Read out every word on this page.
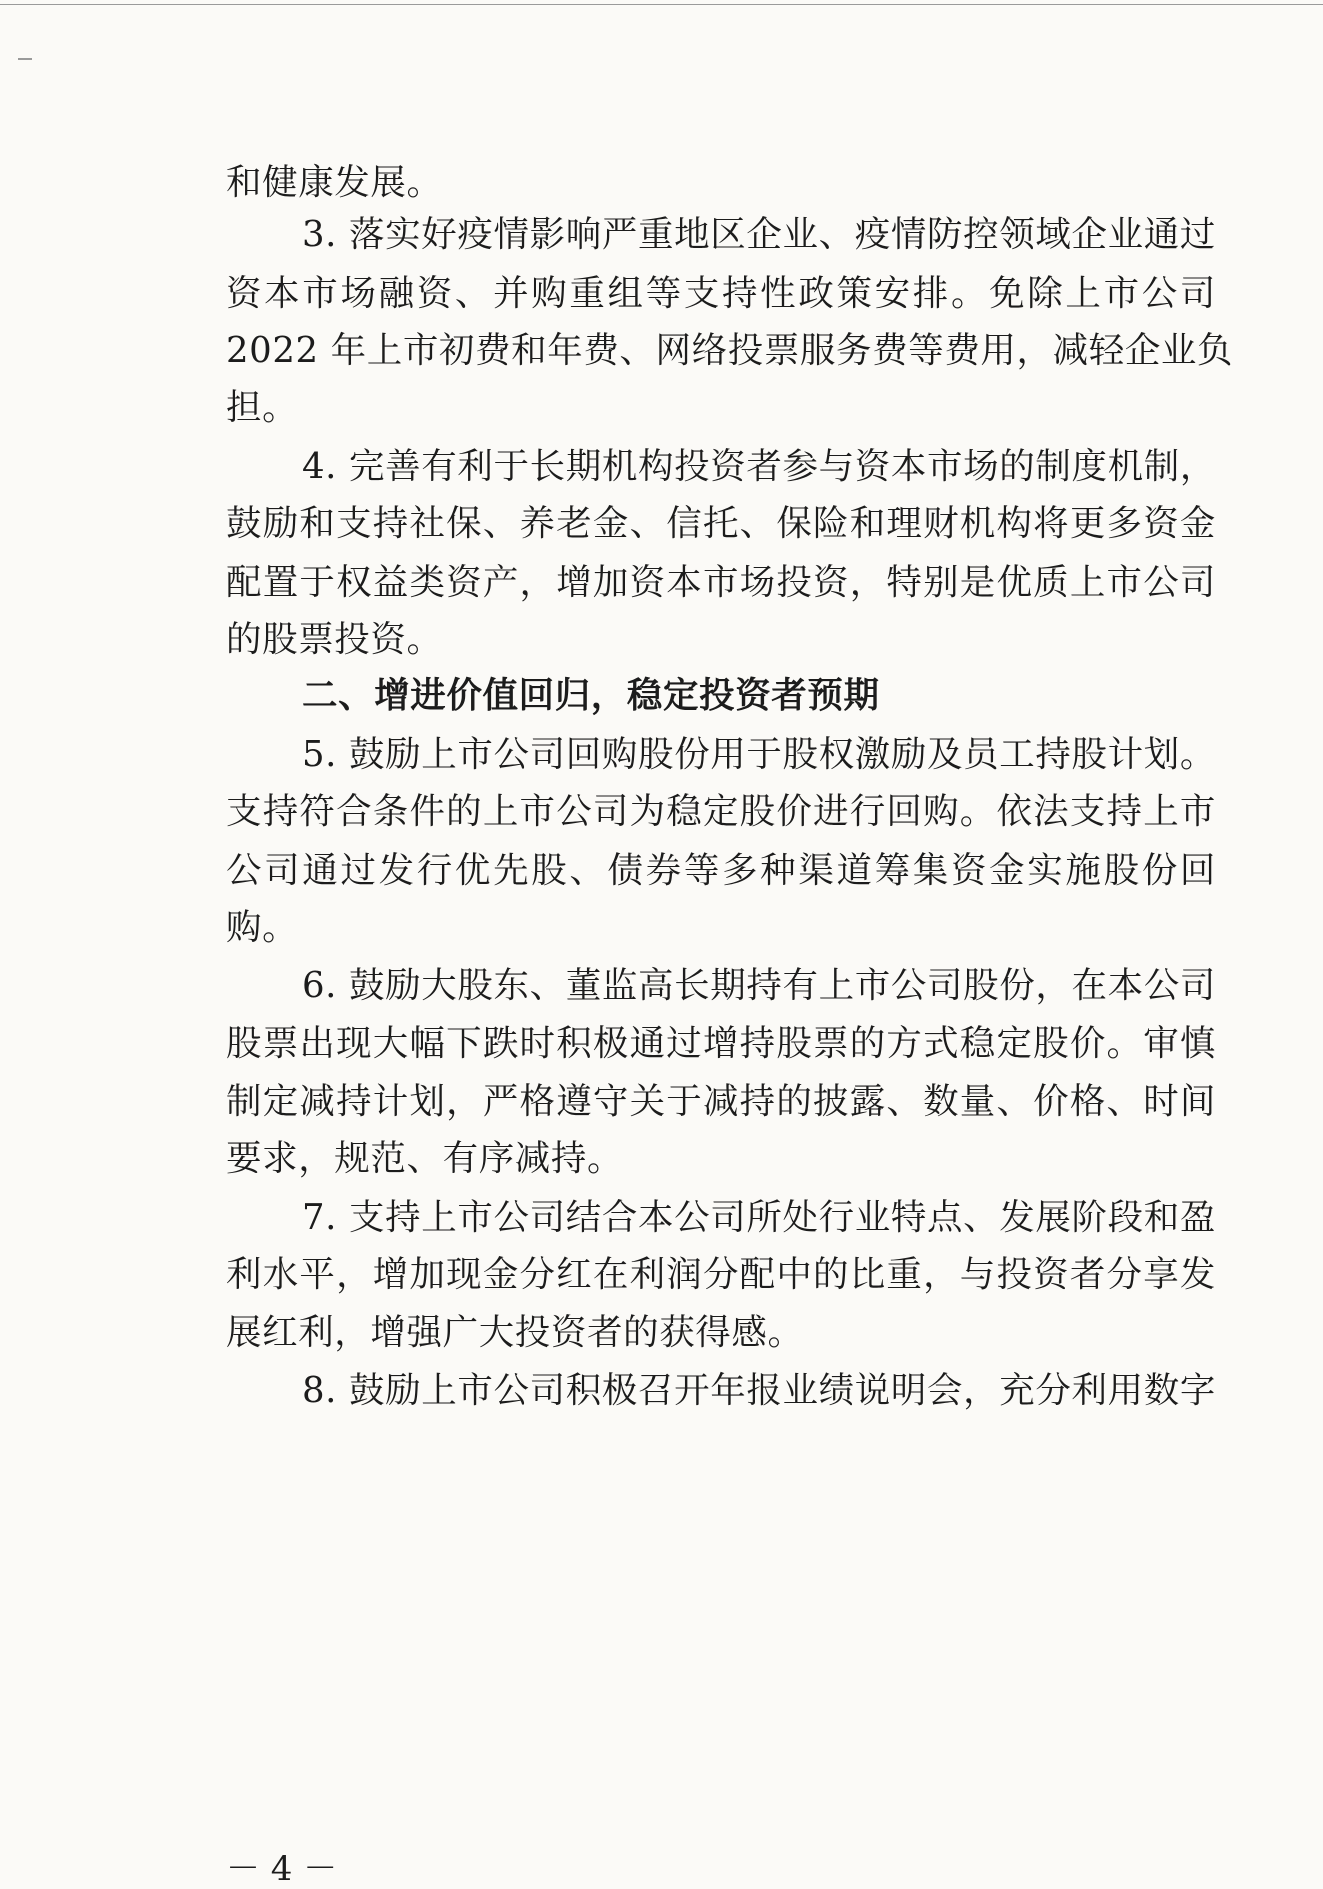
和健康发展。
3. 落实好疫情影响严重地区企业、疫情防控领域企业通过
资本市场融资、并购重组等支持性政策安排。免除上市公司
2022 年上市初费和年费、网络投票服务费等费用，减轻企业负
担。
4. 完善有利于长期机构投资者参与资本市场的制度机制，
鼓励和支持社保、养老金、信托、保险和理财机构将更多资金
配置于权益类资产，增加资本市场投资，特别是优质上市公司
的股票投资。
二、增进价值回归，稳定投资者预期
5. 鼓励上市公司回购股份用于股权激励及员工持股计划。
支持符合条件的上市公司为稳定股价进行回购。依法支持上市
公司通过发行优先股、债券等多种渠道筹集资金实施股份回
购。
6. 鼓励大股东、董监高长期持有上市公司股份，在本公司
股票出现大幅下跌时积极通过增持股票的方式稳定股价。审慎
制定减持计划，严格遵守关于减持的披露、数量、价格、时间
要求，规范、有序减持。
7. 支持上市公司结合本公司所处行业特点、发展阶段和盈
利水平，增加现金分红在利润分配中的比重，与投资者分享发
展红利，增强广大投资者的获得感。
8. 鼓励上市公司积极召开年报业绩说明会，充分利用数字
－ 4 －
